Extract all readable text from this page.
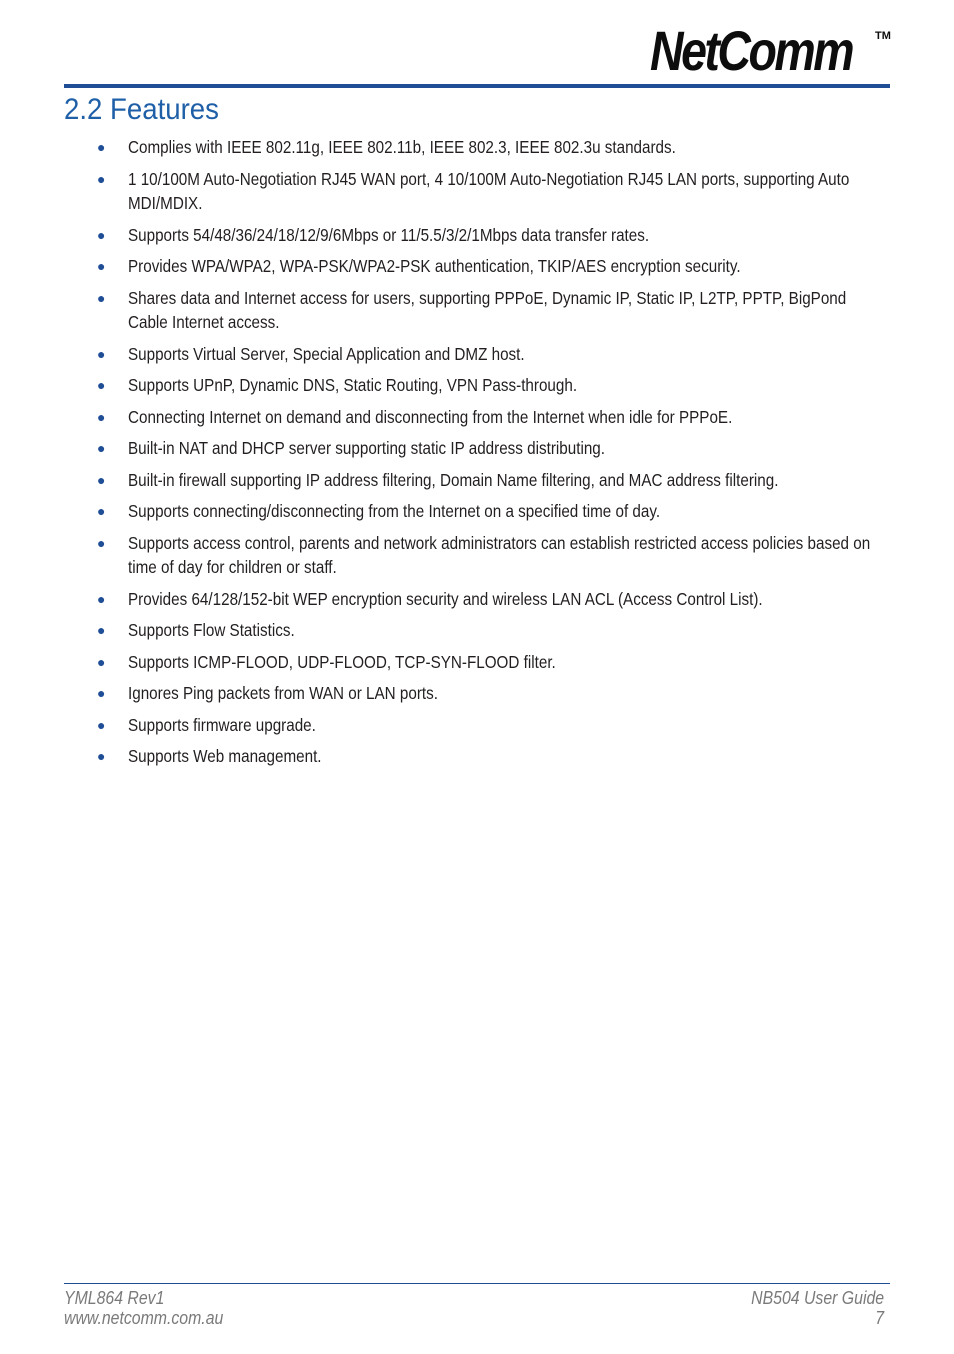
NetComm TM
2.2 Features
● Complies with IEEE 802.11g, IEEE 802.11b, IEEE 802.3, IEEE 802.3u standards.
● 1 10/100M Auto-Negotiation RJ45 WAN port, 4 10/100M Auto-Negotiation RJ45 LAN ports, supporting Auto MDI/MDIX.
● Supports 54/48/36/24/18/12/9/6Mbps or 11/5.5/3/2/1Mbps data transfer rates.
● Provides WPA/WPA2, WPA-PSK/WPA2-PSK authentication, TKIP/AES encryption security.
● Shares data and Internet access for users, supporting PPPoE, Dynamic IP, Static IP, L2TP, PPTP, BigPond Cable Internet access.
● Supports Virtual Server, Special Application and DMZ host.
● Supports UPnP, Dynamic DNS, Static Routing, VPN Pass-through.
● Connecting Internet on demand and disconnecting from the Internet when idle for PPPoE.
● Built-in NAT and DHCP server supporting static IP address distributing.
● Built-in firewall supporting IP address filtering, Domain Name filtering, and MAC address filtering.
● Supports connecting/disconnecting from the Internet on a specified time of day.
● Supports access control, parents and network administrators can establish restricted access policies based on time of day for children or staff.
● Provides 64/128/152-bit WEP encryption security and wireless LAN ACL (Access Control List).
● Supports Flow Statistics.
● Supports ICMP-FLOOD, UDP-FLOOD, TCP-SYN-FLOOD filter.
● Ignores Ping packets from WAN or LAN ports.
● Supports firmware upgrade.
● Supports Web management.
YML864 Rev1
www.netcomm.com.au
NB504 User Guide
7
